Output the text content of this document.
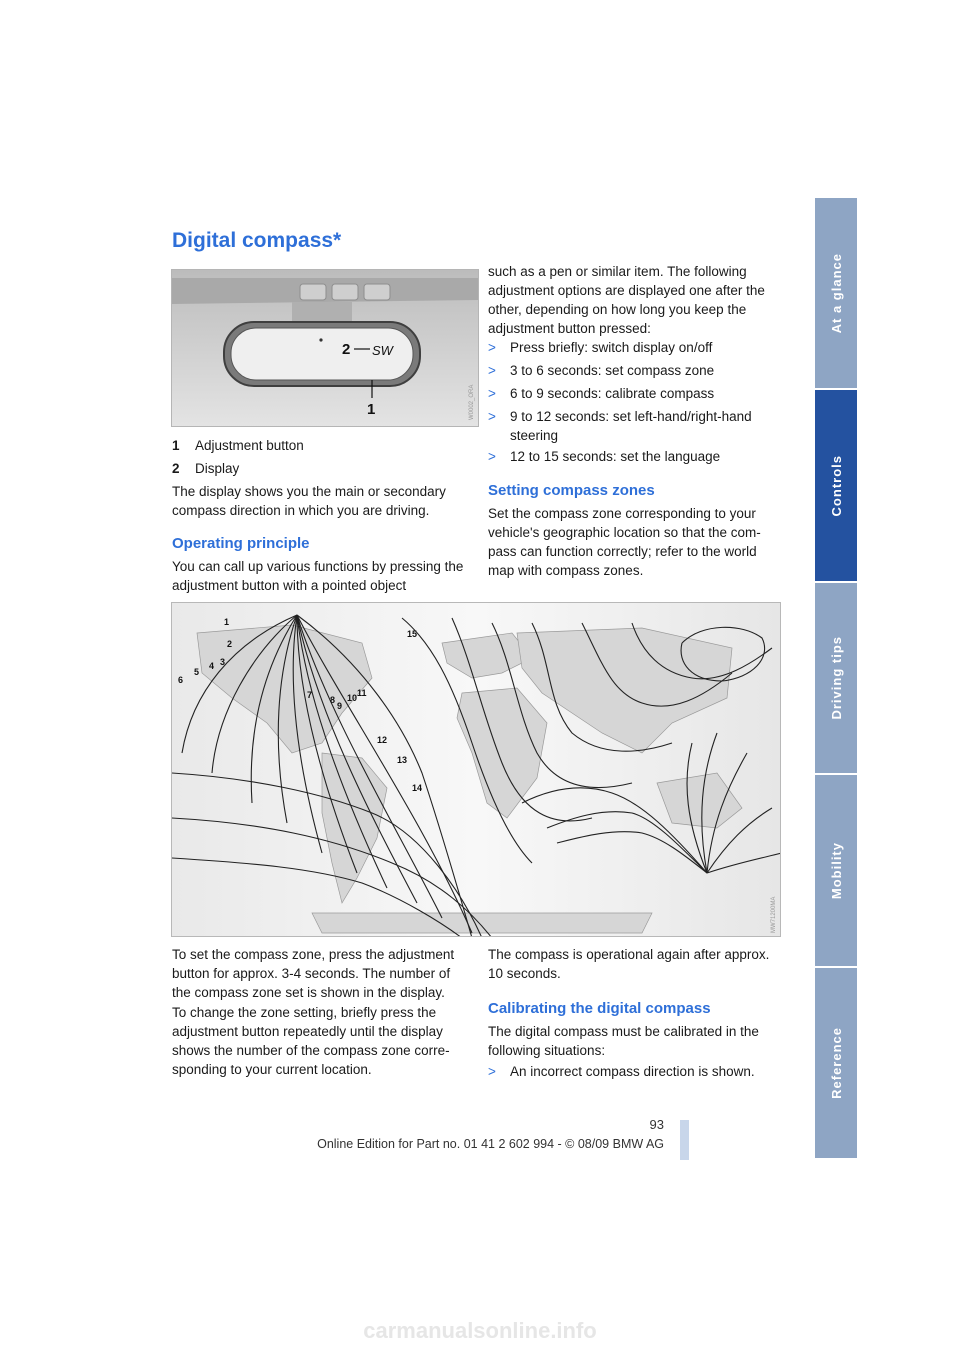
At a glance
Controls
Driving tips
Mobility
Reference
Digital compass*
2 SW
1	W0002_ORA
1 Adjustment button
2 Display
The display shows you the main or secondary compass direction in which you are driving.
Operating principle
You can call up various functions by pressing the adjustment button with a pointed object
such as a pen or similar item. The following adjustment options are displayed one after the other, depending on how long you keep the adjustment button pressed:
> Press briefly: switch display on/off
> 3 to 6 seconds: set compass zone
> 6 to 9 seconds: calibrate compass
> 9 to 12 seconds: set left-hand/right-hand steering
> 12 to 15 seconds: set the language
Setting compass zones
Set the compass zone corresponding to your vehicle's geographic location so that the com-pass can function correctly; refer to the world map with compass zones.
1
2
3
4
5
6
7 8
9
10 11
12
13
14
15
MW71200MA
To set the compass zone, press the adjustment button for approx. 3-4 seconds. The number of the compass zone set is shown in the display.
To change the zone setting, briefly press the adjustment button repeatedly until the display shows the number of the compass zone corre-sponding to your current location.
The compass is operational again after approx. 10 seconds.
Calibrating the digital compass
The digital compass must be calibrated in the following situations:
> An incorrect compass direction is shown.
93
Online Edition for Part no. 01 41 2 602 994 - © 08/09 BMW AG
carmanualsonline.info
